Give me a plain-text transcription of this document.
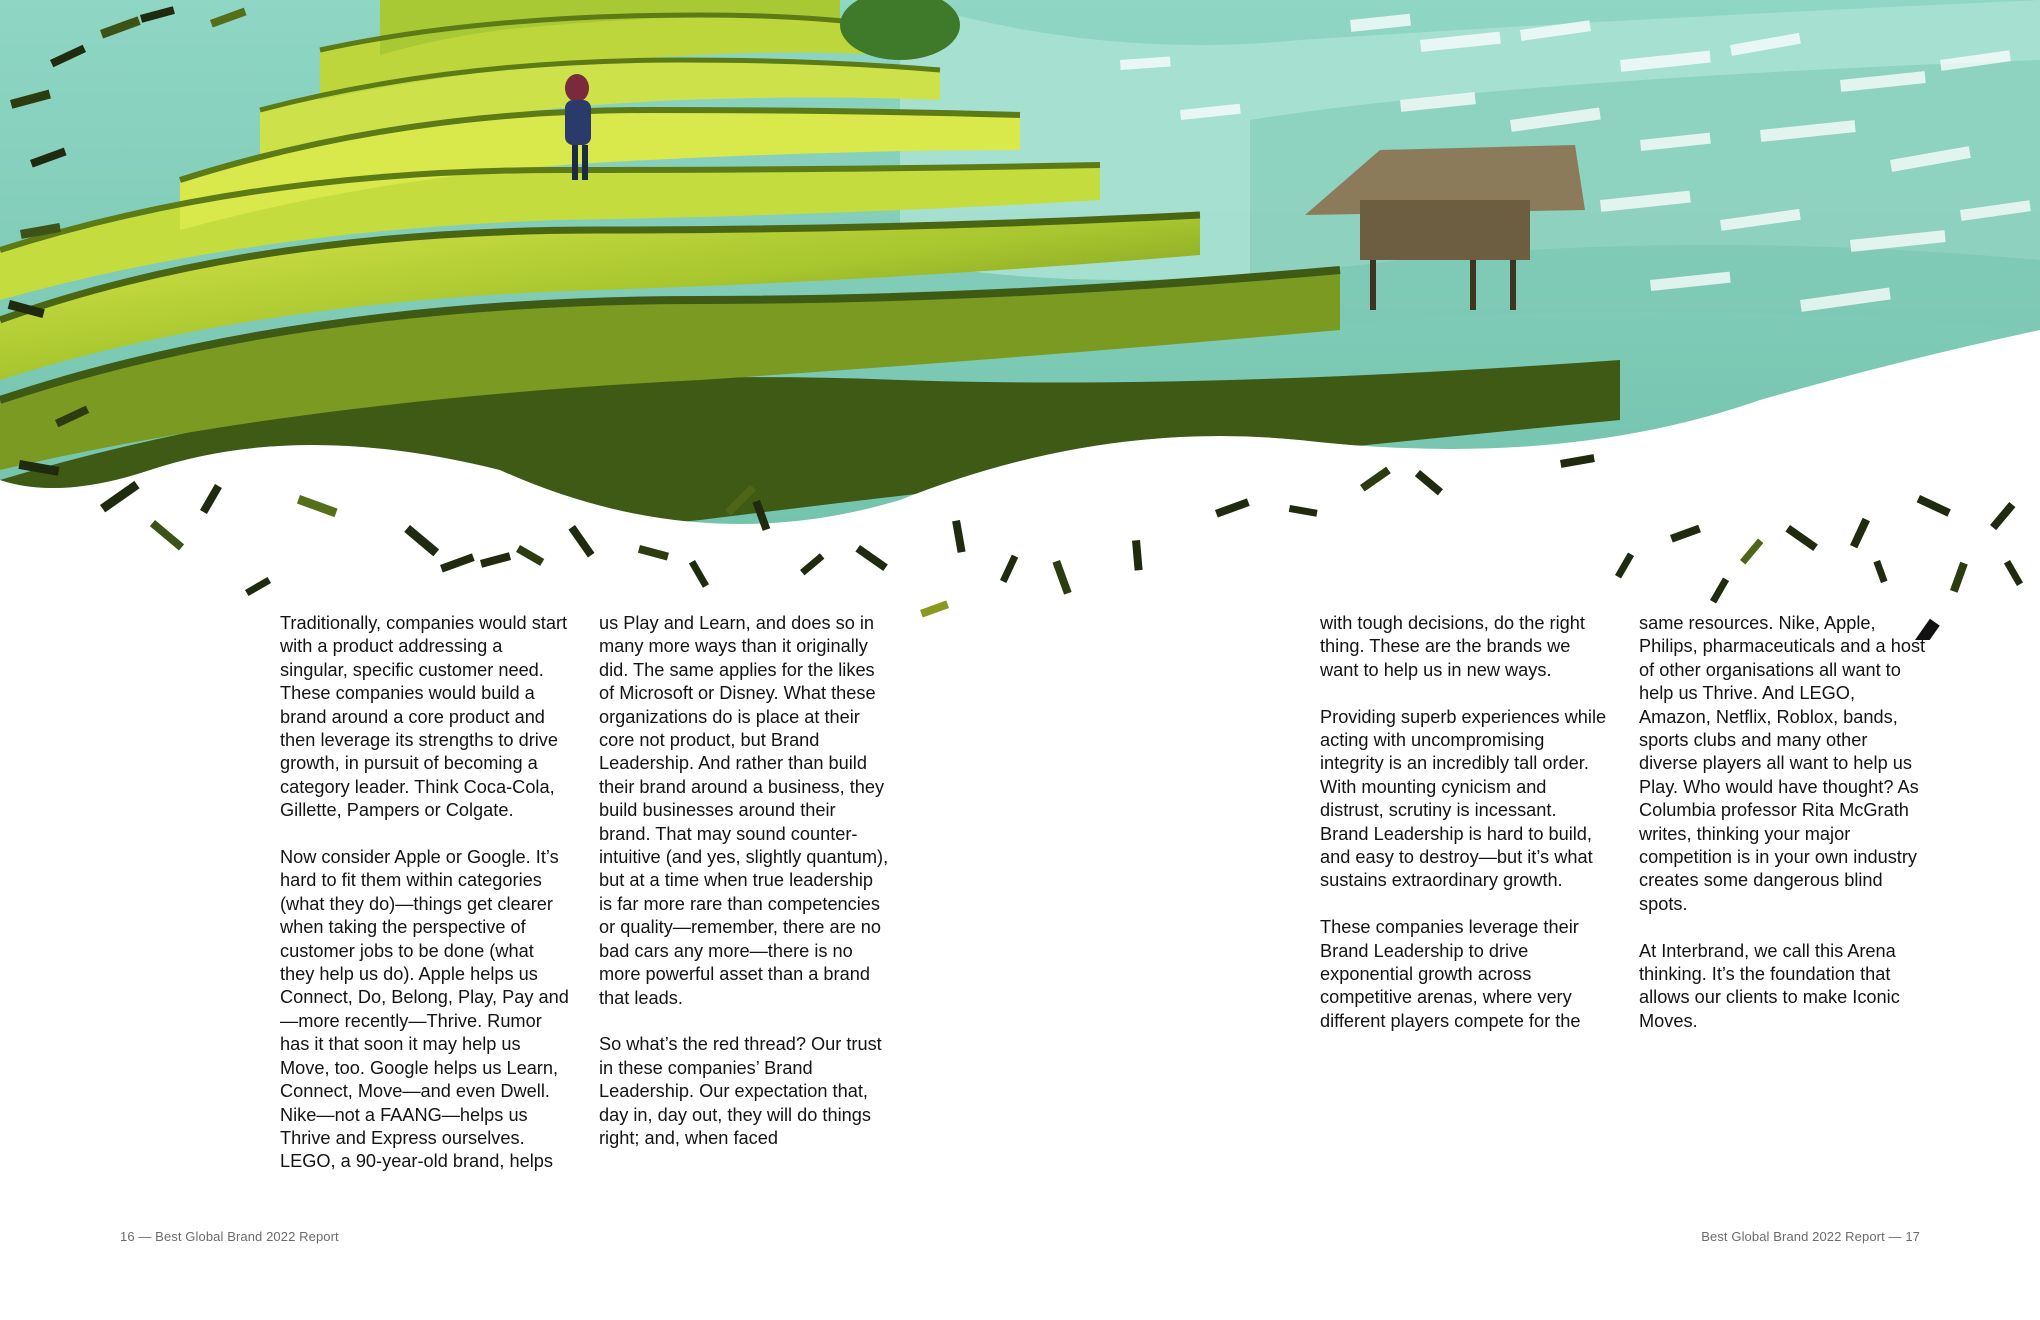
Traditionally, companies would start with a product addressing a singular, specific customer need. These companies would build a brand around a core product and then leverage its strengths to drive growth, in pursuit of becoming a category leader. Think Coca-Cola, Gillette, Pampers or Colgate.

Now consider Apple or Google. It’s hard to fit them within categories (what they do)—things get clearer when taking the perspective of customer jobs to be done (what they help us do). Apple helps us Connect, Do, Belong, Play, Pay and—more recently—Thrive. Rumor has it that soon it may help us Move, too. Google helps us Learn, Connect, Move—and even Dwell. Nike—not a FAANG—helps us Thrive and Express ourselves. LEGO, a 90-year-old brand, helps

us Play and Learn, and does so in many more ways than it originally did. The same applies for the likes of Microsoft or Disney. What these organizations do is place at their core not product, but Brand Leadership. And rather than build their brand around a business, they build businesses around their brand. That may sound counter-intuitive (and yes, slightly quantum), but at a time when true leadership is far more rare than competencies or quality—remember, there are no bad cars any more—there is no more powerful asset than a brand that leads.

So what’s the red thread? Our trust in these companies’ Brand Leadership. Our expectation that, day in, day out, they will do things right; and, when faced

with tough decisions, do the right thing. These are the brands we want to help us in new ways.

Providing superb experiences while acting with uncompromising integrity is an incredibly tall order. With mounting cynicism and distrust, scrutiny is incessant. Brand Leadership is hard to build, and easy to destroy—but it’s what sustains extraordinary growth.

These companies leverage their Brand Leadership to drive exponential growth across competitive arenas, where very different players compete for the

same resources. Nike, Apple, Philips, pharmaceuticals and a host of other organisations all want to help us Thrive. And LEGO, Amazon, Netflix, Roblox, bands, sports clubs and many other diverse players all want to help us Play. Who would have thought? As Columbia professor Rita McGrath writes, thinking your major competition is in your own industry creates some dangerous blind spots.

At Interbrand, we call this Arena thinking. It’s the foundation that allows our clients to make Iconic Moves.

16 — Best Global Brand 2022 Report	Best Global Brand 2022 Report — 17
